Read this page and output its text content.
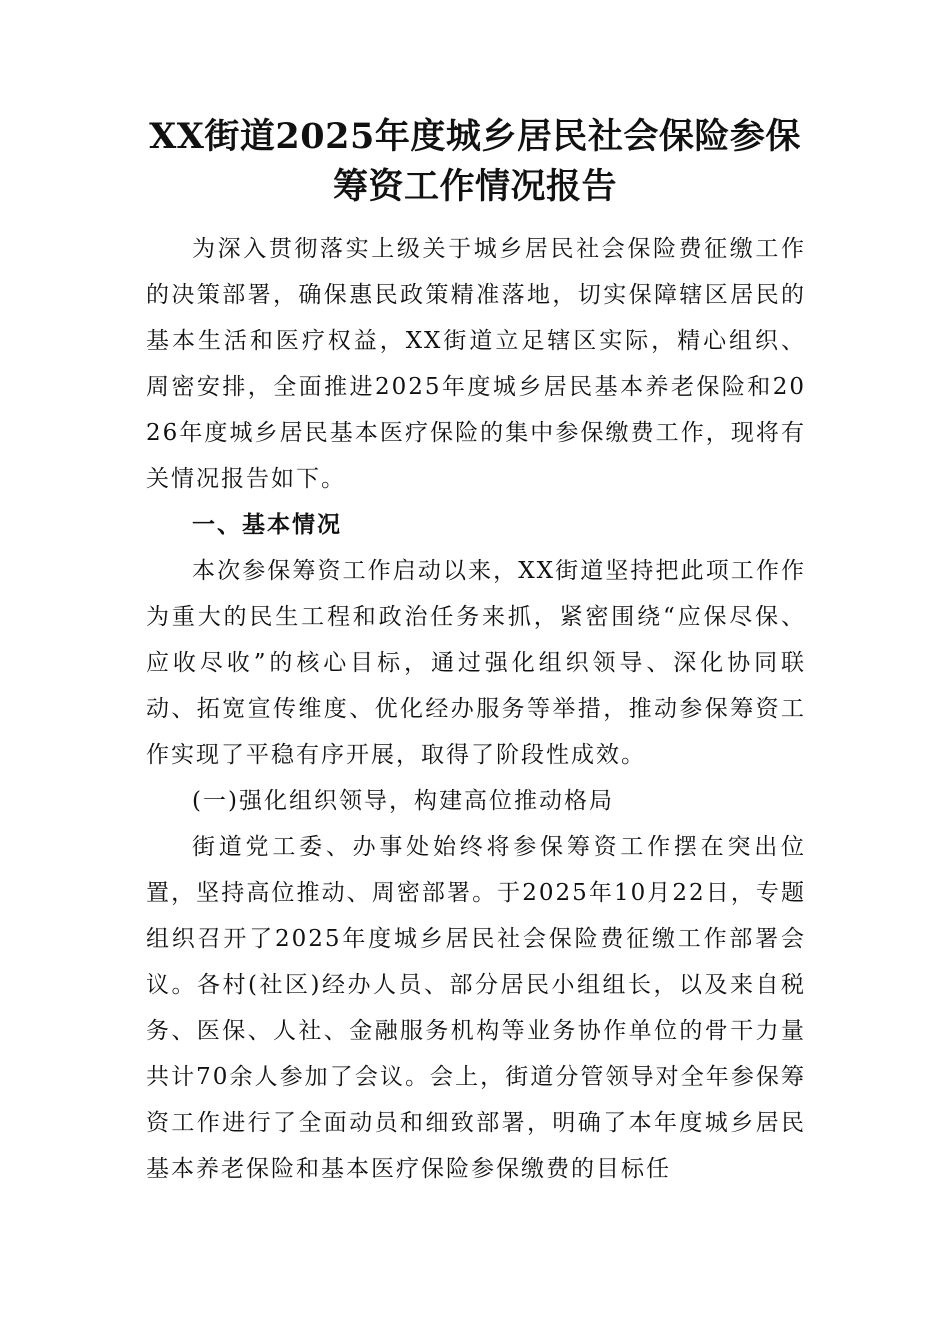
XX街道2025年度城乡居民社会保险参保
筹资工作情况报告

为深入贯彻落实上级关于城乡居民社会保险费征缴工作的决策部署，确保惠民政策精准落地，切实保障辖区居民的基本生活和医疗权益，XX街道立足辖区实际，精心组织、周密安排，全面推进2025年度城乡居民基本养老保险和2026年度城乡居民基本医疗保险的集中参保缴费工作，现将有关情况报告如下。

一、基本情况

本次参保筹资工作启动以来，XX街道坚持把此项工作作为重大的民生工程和政治任务来抓，紧密围绕“应保尽保、应收尽收”的核心目标，通过强化组织领导、深化协同联动、拓宽宣传维度、优化经办服务等举措，推动参保筹资工作实现了平稳有序开展，取得了阶段性成效。

(一)强化组织领导，构建高位推动格局

街道党工委、办事处始终将参保筹资工作摆在突出位置，坚持高位推动、周密部署。于2025年10月22日，专题组织召开了2025年度城乡居民社会保险费征缴工作部署会议。各村(社区)经办人员、部分居民小组组长，以及来自税务、医保、人社、金融服务机构等业务协作单位的骨干力量共计70余人参加了会议。会上，街道分管领导对全年参保筹资工作进行了全面动员和细致部署，明确了本年度城乡居民基本养老保险和基本医疗保险参保缴费的目标任
